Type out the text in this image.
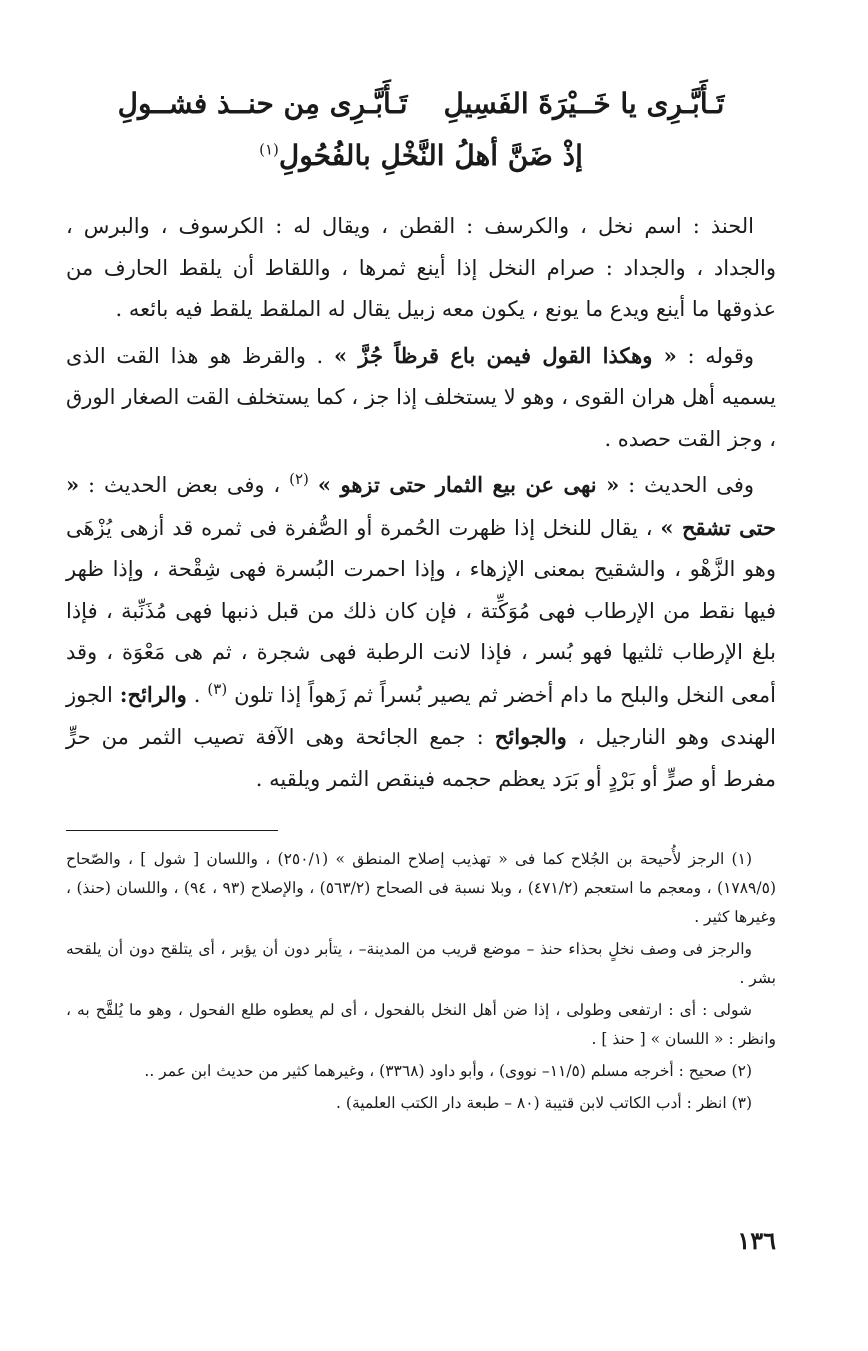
تَـأَبَّـرِى يا خَــيْرَةَ الفَسِيلِتَـأَبَّـرِى مِن حنــذ فشــولِ
إذْ ضَنَّ أهلُ النَّخْلِ بالفُحُولِ$^{(١)}$

الحنذ : اسم نخل ، والكرسف : القطن ، ويقال له : الكرسوف ، والبرس ، والجداد ، والجداد : صرام النخل إذا أينع ثمرها ، واللقاط أن يلقط الحارف من عذوقها ما أينع ويدع ما يونع ، يكون معه زبيل يقال له الملقط يلقط فيه بائعه .

وقوله : « وهكذا القول فيمن باع قرظاً جُزَّ » . والقرظ هو هذا القت الذى يسميه أهل هران القوى ، وهو لا يستخلف إذا جز ، كما يستخلف القت الصغار الورق ، وجز القت حصده .

وفى الحديث : « نهى عن بيع الثمار حتى تزهو » $^{(٢)}$ ، وفى بعض الحديث : « حتى تشقح » ، يقال للنخل إذا ظهرت الحُمرة أو الصُّفرة فى ثمره قد أزهى يُزْهَى وهو الزَّهْو ، والشقيح بمعنى الإزهاء ، وإذا احمرت البُسرة فهى شِقْحة ، وإذا ظهر فيها نقط من الإرطاب فهى مُوَكِّتة ، فإن كان ذلك من قبل ذنبها فهى مُذَنِّبة ، فإذا بلغ الإرطاب ثلثيها فهو بُسر ، فإذا لانت الرطبة فهى شجرة ، ثم هى مَعْوَة ، وقد أمعى النخل والبلح ما دام أخضر ثم يصير بُسراً ثم زَهواً إذا تلون $^{(٣)}$ . والرائح: الجوز الهندى وهو النارجيل ، والجوائح : جمع الجائحة وهى الآفة تصيب الثمر من حرٍّ مفرط أو صرٍّ أو بَرْدٍ أو بَرَد يعظم حجمه فينقص الثمر ويلقيه .

(١) الرجز لأُحيحة بن الجُلاح كما فى « تهذيب إصلاح المنطق » (٢٥٠/١) ، واللسان [ شول ] ، والصّحاح (١٧٨٩/٥) ، ومعجم ما استعجم (٤٧١/٢) ، وبلا نسبة فى الصحاح (٥٦٣/٢) ، والإصلاح (٩٣ ، ٩٤) ، واللسان (حنذ) ، وغيرها كثير .

والرجز فى وصف نخلٍ بحذاء حنذ – موضع قريب من المدينة– ، يتأبر دون أن يؤبر ، أى يتلقح دون أن يلقحه بشر .

شولى : أى : ارتفعى وطولى ، إذا ضن أهل النخل بالفحول ، أى لم يعطوه طلع الفحول ، وهو ما يُلقَّح به ، وانظر : « اللسان » [ حنذ ] .

(٢) صحيح : أخرجه مسلم (١١/٥– نووى) ، وأبو داود (٣٣٦٨) ، وغيرهما كثير من حديث ابن عمر ..

(٣) انظر : أدب الكاتب لابن قتيبة (٨٠ – طبعة دار الكتب العلمية) .

١٣٦
